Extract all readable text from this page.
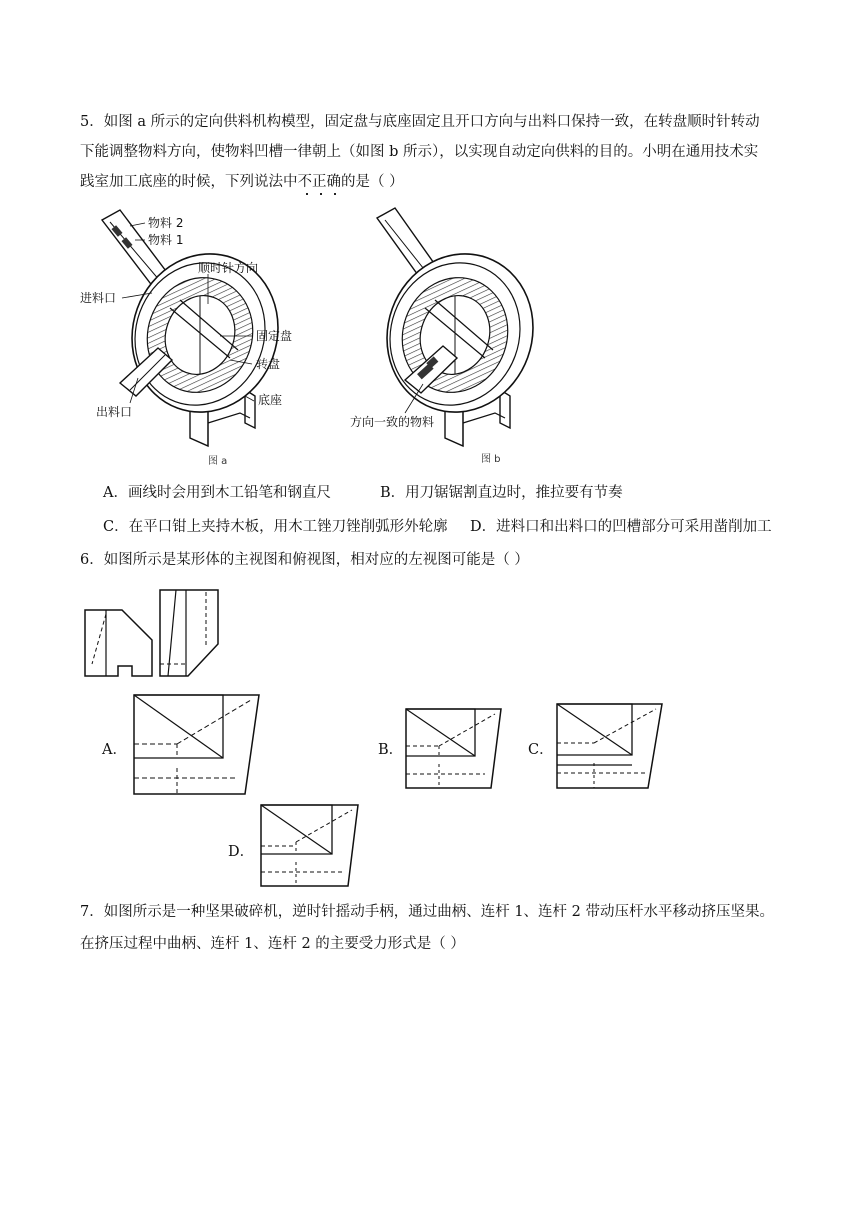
5．如图 a 所示的定向供料机构模型，固定盘与底座固定且开口方向与出料口保持一致，在转盘顺时针转动
下能调整物料方向，使物料凹槽一律朝上（如图 b 所示），以实现自动定向供料的目的。小明在通用技术实
践室加工底座的时候，下列说法中不正确的是（ ）
物料 2
物料 1
顺时针方向
进料口
固定盘
转盘
出料口
底座
图 a
方向一致的物料
图 b
A．画线时会用到木工铅笔和钢直尺	B．用刀锯锯割直边时，推拉要有节奏
C．在平口钳上夹持木板，用木工锉刀锉削弧形外轮廓 D．进料口和出料口的凹槽部分可采用凿削加工
6．如图所示是某形体的主视图和俯视图，相对应的左视图可能是（ ）
A．	B．	C．
D．
7．如图所示是一种坚果破碎机，逆时针摇动手柄，通过曲柄、连杆 1、连杆 2 带动压杆水平移动挤压坚果。
在挤压过程中曲柄、连杆 1、连杆 2 的主要受力形式是（ ）
